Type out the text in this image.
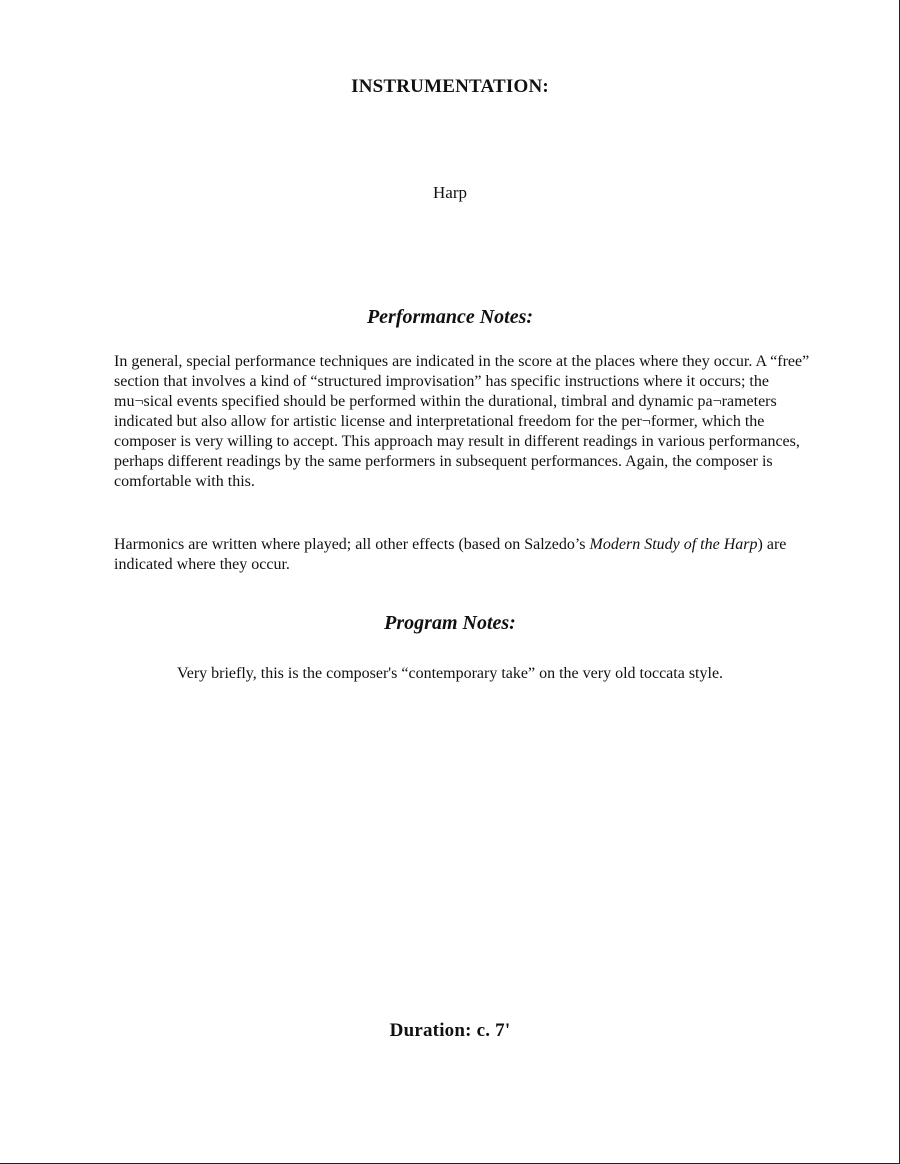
INSTRUMENTATION:

Harp

Performance Notes:

In general, special performance techniques are indicated in the score at the places where they occur. A “free” section that involves a kind of “structured improvisation” has specific instructions where it occurs; the mu¬sical events specified should be performed within the durational, timbral and dynamic pa¬rameters indicated but also allow for artistic license and interpretational freedom for the per¬former, which the composer is very willing to accept. This approach may result in different readings in various performances, perhaps different readings by the same performers in subsequent performances. Again, the composer is comfortable with this.

Harmonics are written where played; all other effects (based on Salzedo’s Modern Study of the Harp) are indicated where they occur.

Program Notes:

Very briefly, this is the composer's “contemporary take” on the very old toccata style.

Duration: c. 7'
